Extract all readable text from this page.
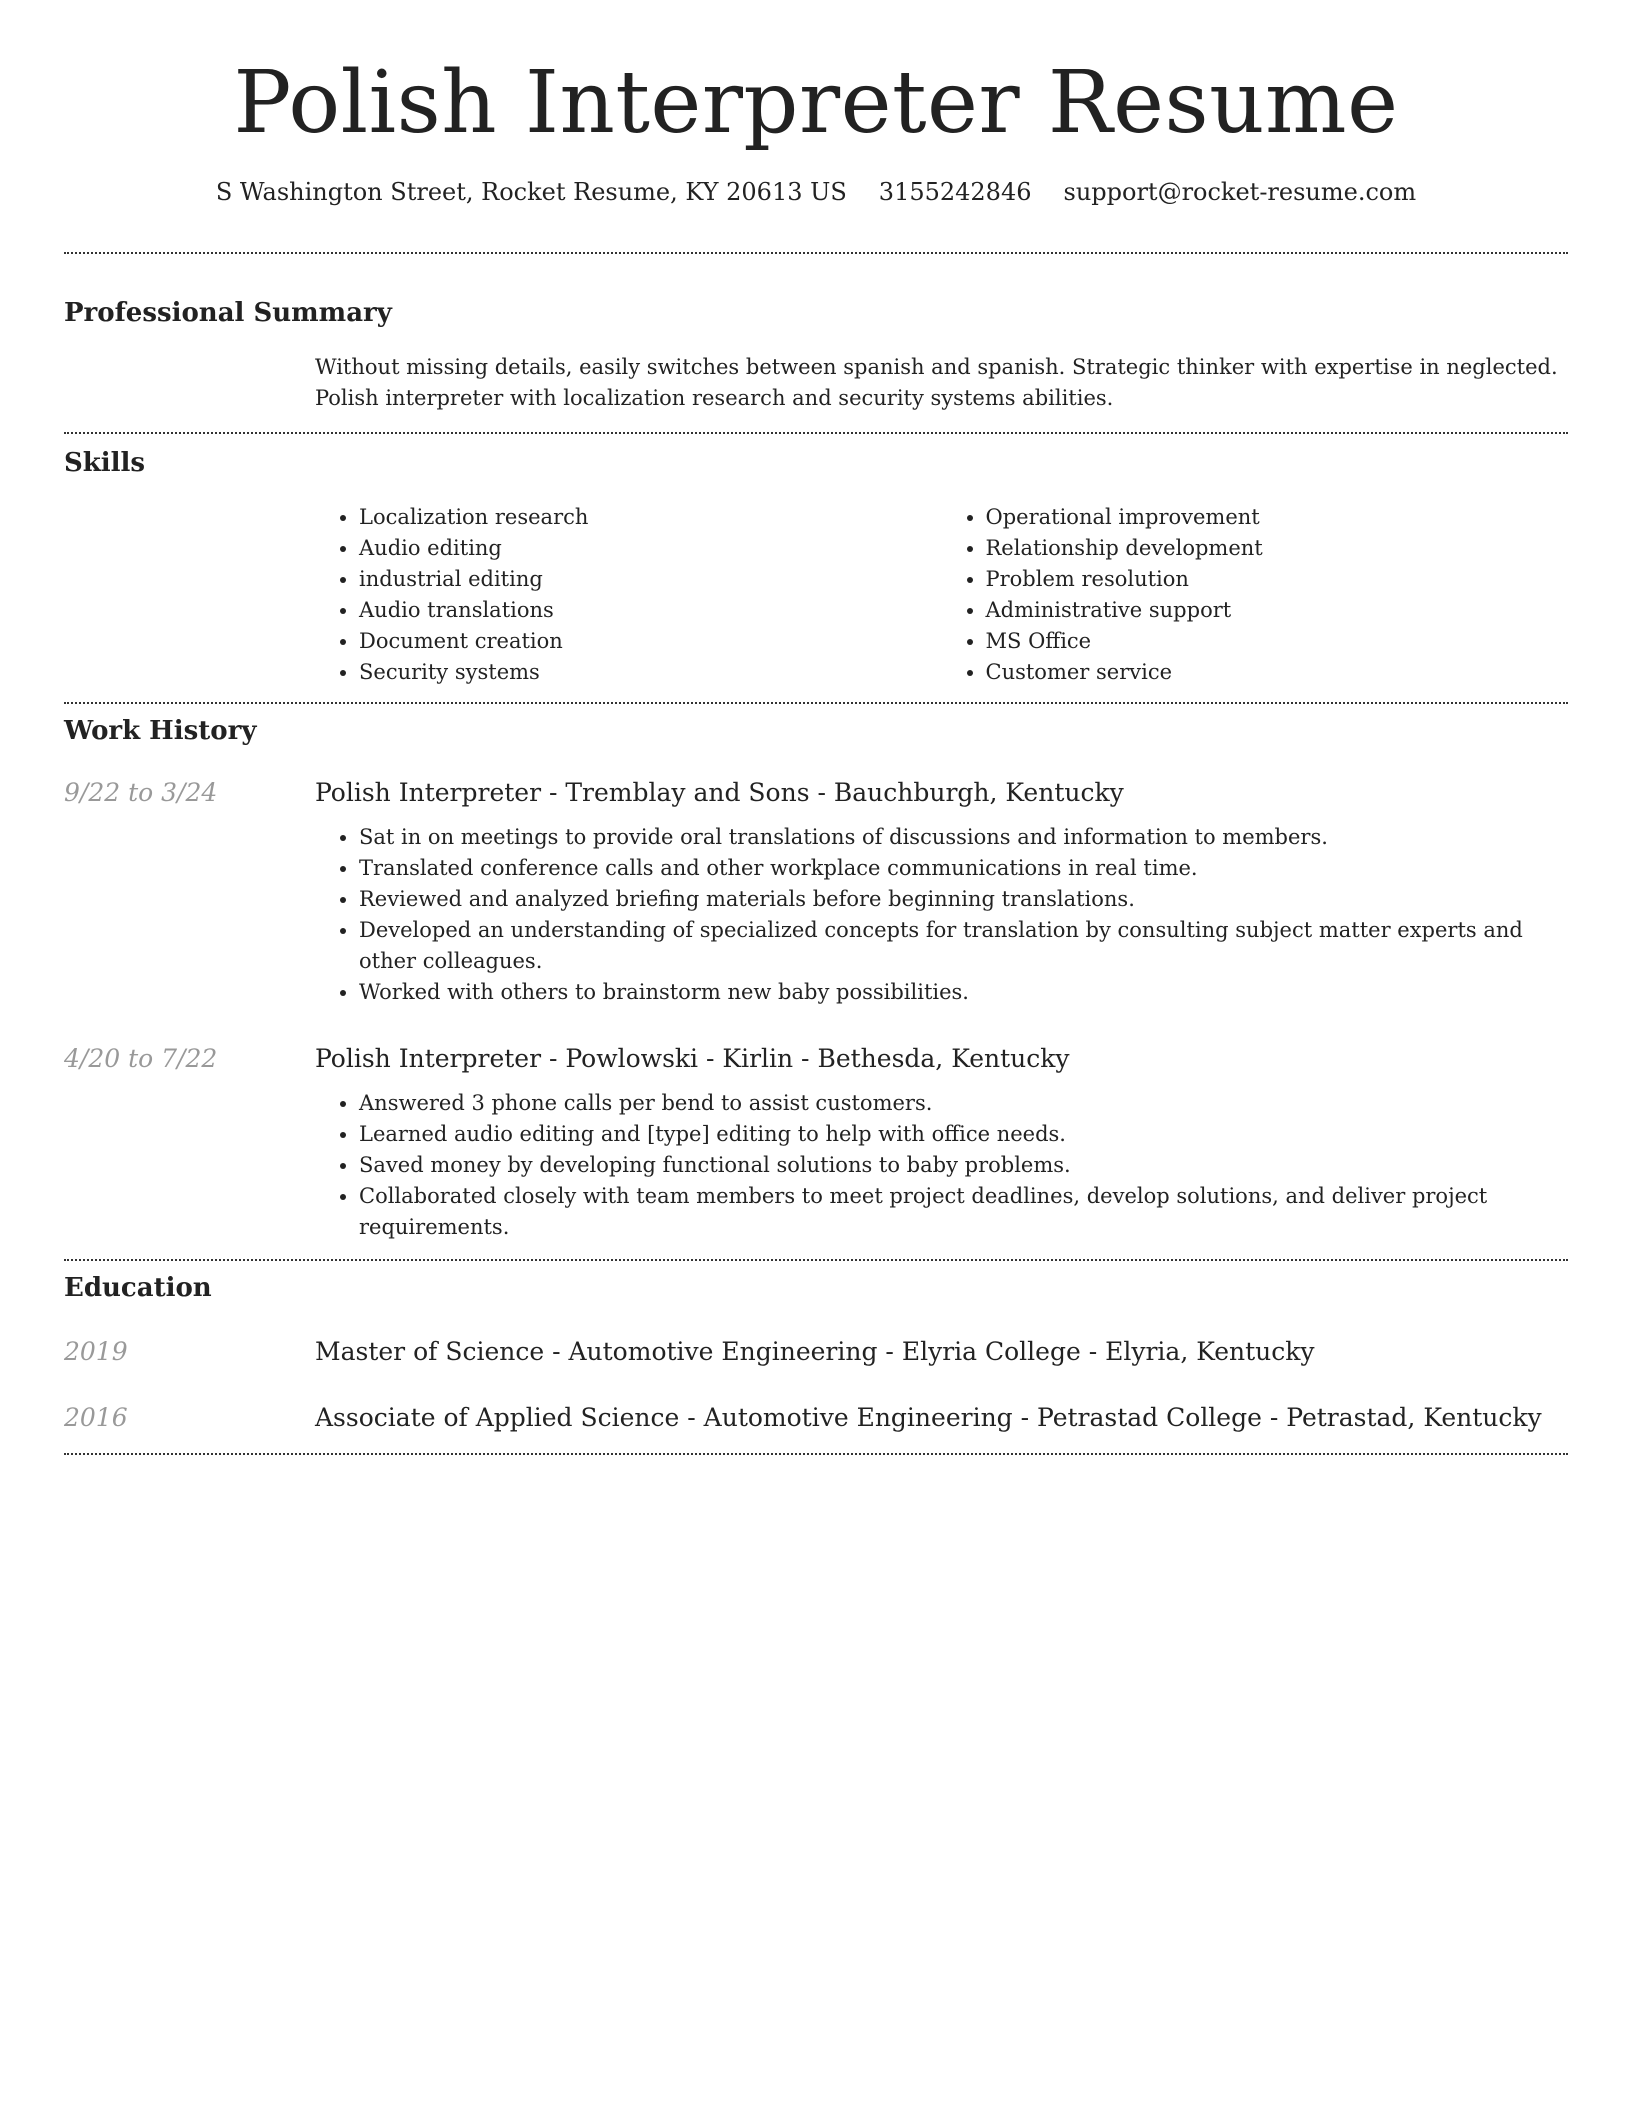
Polish Interpreter Resume
S Washington Street, Rocket Resume, KY 20613 US 3155242846 support@rocket-resume.com
Professional Summary

Without missing details, easily switches between spanish and spanish. Strategic thinker with expertise in neglected. Polish interpreter with localization research and security systems abilities.

Skills
• Localization research
• Audio editing
• industrial editing
• Audio translations
• Document creation
• Security systems
• Operational improvement
• Relationship development
• Problem resolution
• Administrative support
• MS Office
• Customer service
Work History
9/22 to 3/24	Polish Interpreter - Tremblay and Sons - Bauchburgh, Kentucky
• Sat in on meetings to provide oral translations of discussions and information to members.
• Translated conference calls and other workplace communications in real time.
• Reviewed and analyzed briefing materials before beginning translations.
• Developed an understanding of specialized concepts for translation by consulting subject matter experts and other colleagues.
• Worked with others to brainstorm new baby possibilities.
4/20 to 7/22	Polish Interpreter - Powlowski - Kirlin - Bethesda, Kentucky
• Answered 3 phone calls per bend to assist customers.
• Learned audio editing and [type] editing to help with office needs.
• Saved money by developing functional solutions to baby problems.
• Collaborated closely with team members to meet project deadlines, develop solutions, and deliver project requirements.
Education
2019	Master of Science - Automotive Engineering - Elyria College - Elyria, Kentucky
2016	Associate of Applied Science - Automotive Engineering - Petrastad College - Petrastad, Kentucky
